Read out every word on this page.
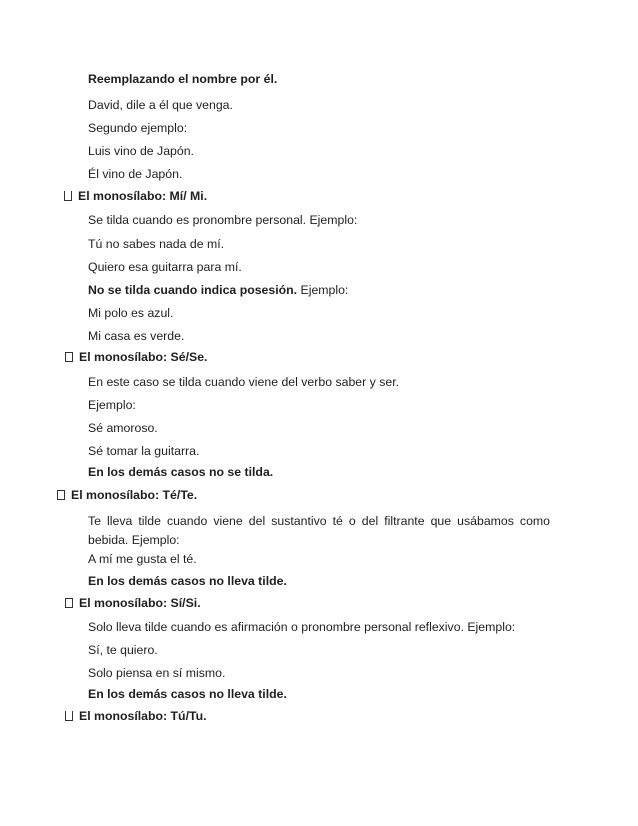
Reemplazando el nombre por él.
David, dile a él que venga.
Segundo ejemplo:
Luis vino de Japón.
Él vino de Japón.
El monosílabo: Mí/ Mi.
Se tilda cuando es pronombre personal. Ejemplo:
Tú no sabes nada de mí.
Quiero esa guitarra para mí.
No se tilda cuando indica posesión. Ejemplo:
Mi polo es azul.
Mi casa es verde.
El monosílabo: Sé/Se.
En este caso se tilda cuando viene del verbo saber y ser.
Ejemplo:
Sé amoroso.
Sé tomar la guitarra.
En los demás casos no se tilda.
El monosílabo: Té/Te.
Te lleva tilde cuando viene del sustantivo té o del filtrante que usábamos como bebida. Ejemplo:
A mí me gusta el té.
En los demás casos no lleva tilde.
El monosílabo: Sí/Si.
Solo lleva tilde cuando es afirmación o pronombre personal reflexivo. Ejemplo:
Sí, te quiero.
Solo piensa en sí mismo.
En los demás casos no lleva tilde.
El monosílabo: Tú/Tu.
